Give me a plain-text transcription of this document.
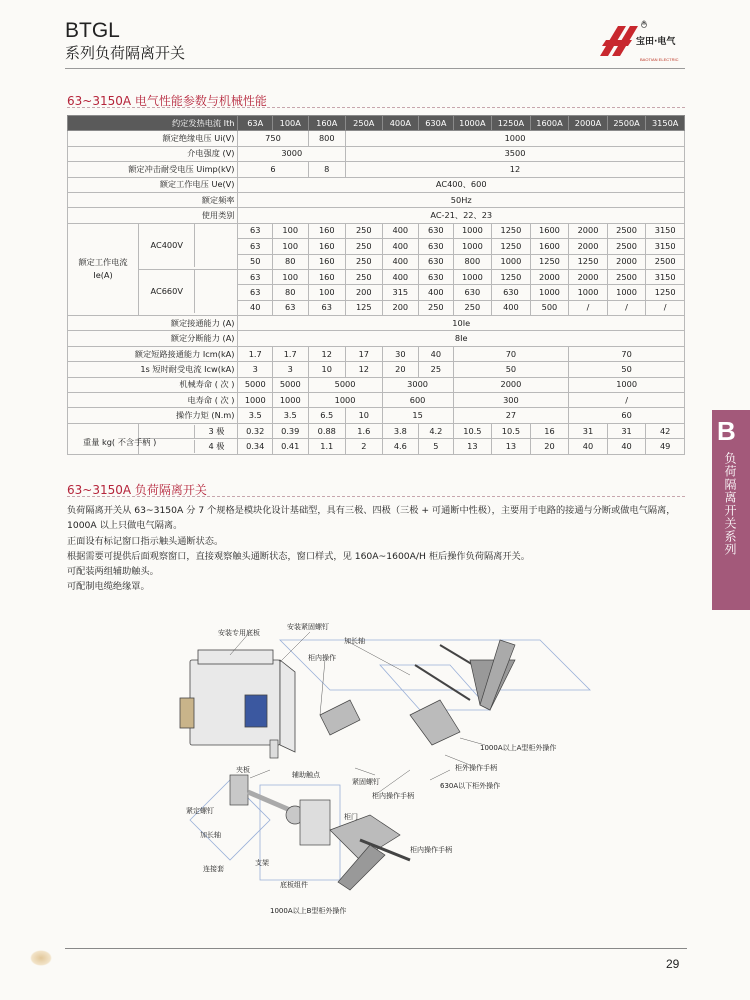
BTGL
系列负荷隔离开关
宝田·电气
BAOTIAN ELECTRIC
®
63~3150A 电气性能参数与机械性能
约定发热电流 Ith		63A	100A	160A	250A	400A	630A	1000A	1250A	1600A	2000A	2500A	3150A
额定绝缘电压 Ui(V)		750		800	1000								
介电强度 (V)		3000			3500								
额定冲击耐受电压 Uimp(kV)		6		8	12								
额定工作电压 Ue(V)		AC400、600											
额定频率		50Hz											
使用类别		AC-21、22、23											
额定工作电流 Ie(A)	AC400V	63	100	160	250	400	630	1000	1250	1600	2000	2500	3150
		63	100	160	250	400	630	1000	1250	1600	2000	2500	3150
		50	80	160	250	400	630	800	1000	1250	1250	2000	2500

AC660V	63	100	160	250	400	630	1000	1250	2000	2000	2500	3150
		63	80	100	200	315	400	630	630	1000	1000	1000	1250
		40	63	63	125	200	250	250	400	500	/	/	/
额定接通能力 (A)		10Ie											
额定分断能力 (A)		8Ie											
额定短路接通能力 Icm(kA)		1.7	1.7	12	17	30	40	70			70		
1s 短时耐受电流 Icw(kA)		3	3	10	12	20	25	50			50		
机械寿命 ( 次 )		5000	5000	5000		3000		2000			1000		
电寿命 ( 次 )		1000	1000	1000		600		300			/		
操作力矩 (N.m)		3.5	3.5	6.5	10	15		27			60		

	3 极	0.32	0.39	0.88	1.6	3.8	4.2	10.5	10.5	16	31	31	42

	4 极	0.34	0.41	1.1	2	4.6	5	13	13	20	40	40	49
重量 kg( 不含手柄 )
63~3150A 负荷隔离开关
负荷隔离开关从 63~3150A 分 7 个规格是模块化设计基础型，具有三极、四极（三极 + 可通断中性极），主要用于电路的接通与分断或做电气隔离，
1000A 以上只做电气隔离。
正面设有标记窗口指示触头通断状态。
根据需要可提供后面观察窗口，直接观察触头通断状态，窗口样式，见 160A~1600A/H 柜后操作负荷隔离开关。
可配装两组辅助触头。
可配制电缆绝缘罩。
B
负荷隔离开关系列
安装专用底板
安装紧固螺钉
加长轴
柜内操作
1000A以上A型柜外操作
柜外操作手柄
630A以下柜外操作
夹板
辅助触点
紧固螺钉
柜内操作手柄
紧定螺钉
柜门
加长轴
柜内操作手柄
连接套
支架
底板组件
1000A以上B型柜外操作
29
